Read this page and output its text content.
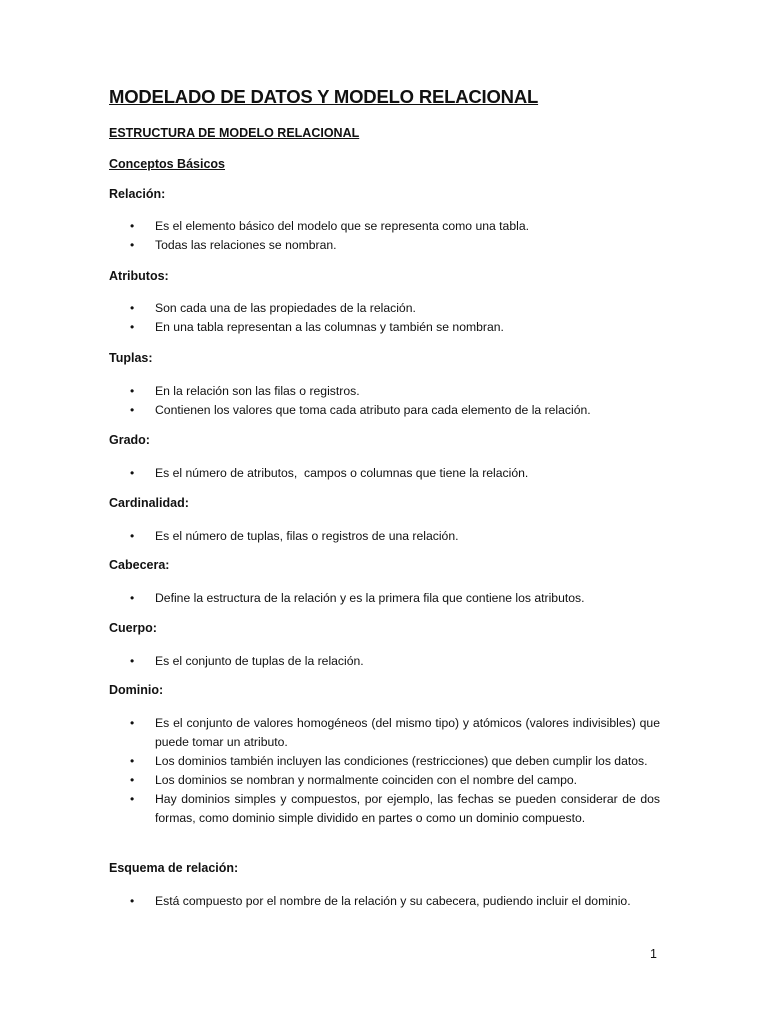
MODELADO DE DATOS Y MODELO RELACIONAL
ESTRUCTURA DE MODELO RELACIONAL
Conceptos Básicos
Relación:
• Es el elemento básico del modelo que se representa como una tabla.
• Todas las relaciones se nombran.
Atributos:
• Son cada una de las propiedades de la relación.
• En una tabla representan a las columnas y también se nombran.
Tuplas:
• En la relación son las filas o registros.
• Contienen los valores que toma cada atributo para cada elemento de la relación.
Grado:
• Es el número de atributos,  campos o columnas que tiene la relación.
Cardinalidad:
• Es el número de tuplas, filas o registros de una relación.
Cabecera:
• Define la estructura de la relación y es la primera fila que contiene los atributos.
Cuerpo:
• Es el conjunto de tuplas de la relación.
Dominio:
• Es el conjunto de valores homogéneos (del mismo tipo) y atómicos (valores indivisibles) que puede tomar un atributo.
• Los dominios también incluyen las condiciones (restricciones) que deben cumplir los datos.
• Los dominios se nombran y normalmente coinciden con el nombre del campo.
• Hay dominios simples y compuestos, por ejemplo, las fechas se pueden considerar de dos formas, como dominio simple dividido en partes o como un dominio compuesto.
Esquema de relación:
• Está compuesto por el nombre de la relación y su cabecera, pudiendo incluir el dominio.
1
